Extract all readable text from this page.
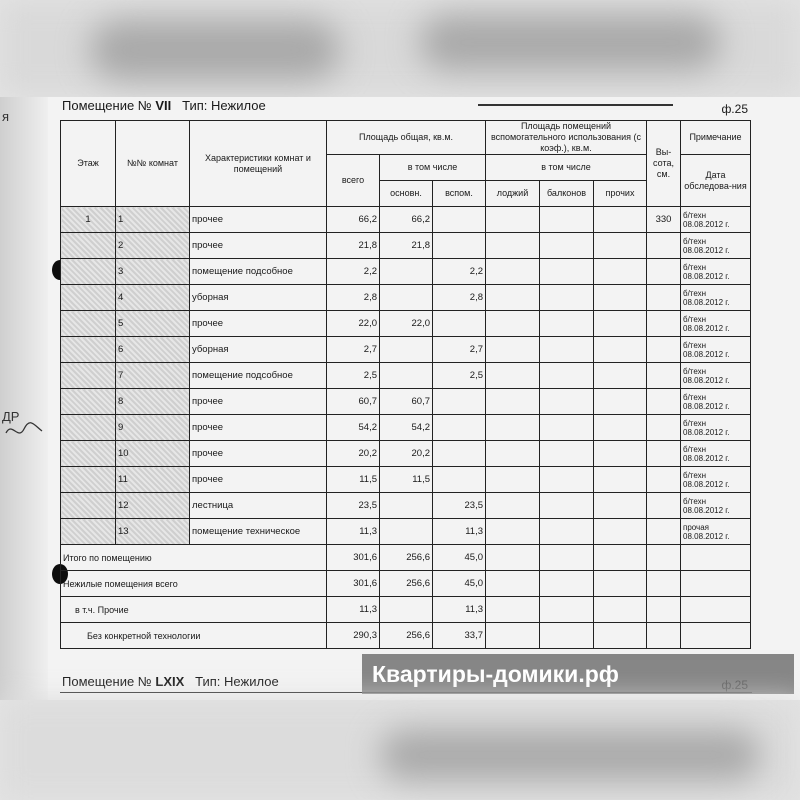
я
ДР
Помещение № VII Тип: Нежилое	ф.25
Этаж	№№ комнат	Характеристики комнат и помещений	Площадь общая, кв.м.			Площадь помещений вспомогательного использования (с коэф.), кв.м.			Вы-сота, см.	Примечание
			всего	в том числе		в том числе				Дата обследова-ния
				основн.	вспом.	лоджий	балконов	прочих		
1	1	прочее	66,2	66,2					330	б/техн
08.08.2012 г.

	2	прочее	21,8	21,8						б/техн
08.08.2012 г.

	3	помещение подсобное	2,2		2,2					б/техн
08.08.2012 г.

	4	уборная	2,8		2,8					б/техн
08.08.2012 г.

	5	прочее	22,0	22,0						б/техн
08.08.2012 г.

	6	уборная	2,7		2,7					б/техн
08.08.2012 г.

	7	помещение подсобное	2,5		2,5					б/техн
08.08.2012 г.

	8	прочее	60,7	60,7						б/техн
08.08.2012 г.

	9	прочее	54,2	54,2						б/техн
08.08.2012 г.

	10	прочее	20,2	20,2						б/техн
08.08.2012 г.

	11	прочее	11,5	11,5						б/техн
08.08.2012 г.

	12	лестница	23,5		23,5					б/техн
08.08.2012 г.

	13	помещение техническое	11,3		11,3					прочая
08.08.2012 г.

Итого по помещению			301,6	256,6	45,0					
Нежилые помещения всего			301,6	256,6	45,0					
в т.ч. Прочие			11,3		11,3					
Без конкретной технологии			290,3	256,6	33,7					
Помещение № LXIX Тип: Нежилое	Квартиры-домики.рф
